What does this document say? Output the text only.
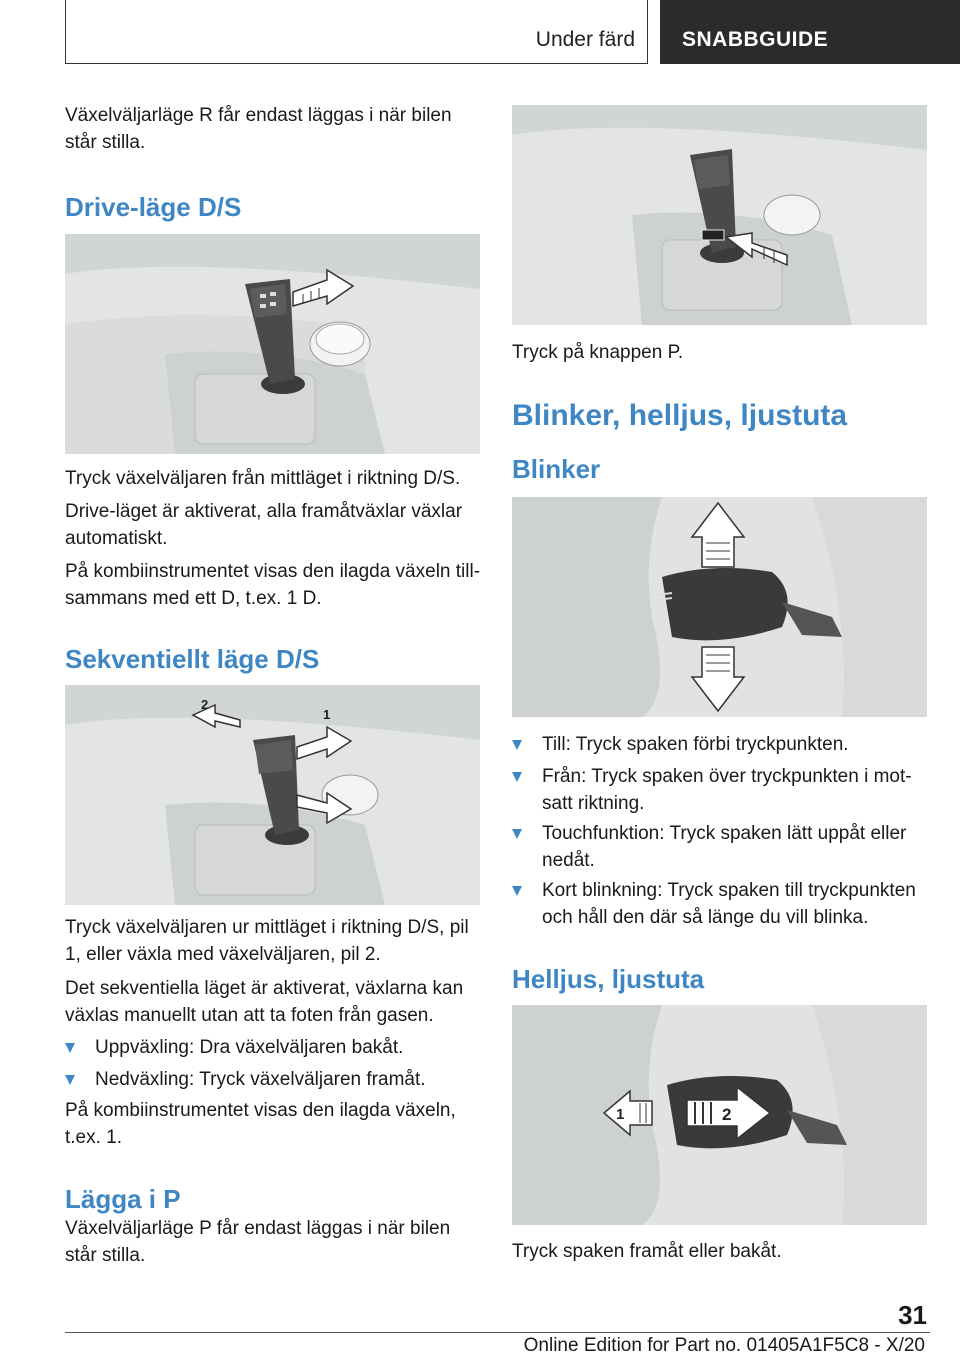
Under färd	SNABBGUIDE
Växelväljarläge R får endast läggas i när bilen står stilla.
Drive-läge D/S
Tryck växelväljaren från mittläget i riktning D/S.
Drive-läget är aktiverat, alla framåtväxlar växlar automatiskt.
På kombiinstrumentet visas den ilagda växeln till-sammans med ett D, t.ex. 1 D.
Sekventiellt läge D/S
1
2
Tryck växelväljaren ur mittläget i riktning D/S, pil 1, eller växla med växelväljaren, pil 2.
Det sekventiella läget är aktiverat, växlarna kan växlas manuellt utan att ta foten från gasen.
Uppväxling: Dra växelväljaren bakåt.
Nedväxling: Tryck växelväljaren framåt.
På kombiinstrumentet visas den ilagda växeln, t.ex. 1.
Lägga i P
Växelväljarläge P får endast läggas i när bilen står stilla.
Tryck på knappen P.
Blinker, helljus, ljustuta
Blinker
Till: Tryck spaken förbi tryckpunkten.
Från: Tryck spaken över tryckpunkten i mot-satt riktning.
Touchfunktion: Tryck spaken lätt uppåt eller nedåt.
Kort blinkning: Tryck spaken till tryckpunkten och håll den där så länge du vill blinka.
Helljus, ljustuta
1	2
Tryck spaken framåt eller bakåt.
31
Online Edition for Part no. 01405A1F5C8 - X/20
